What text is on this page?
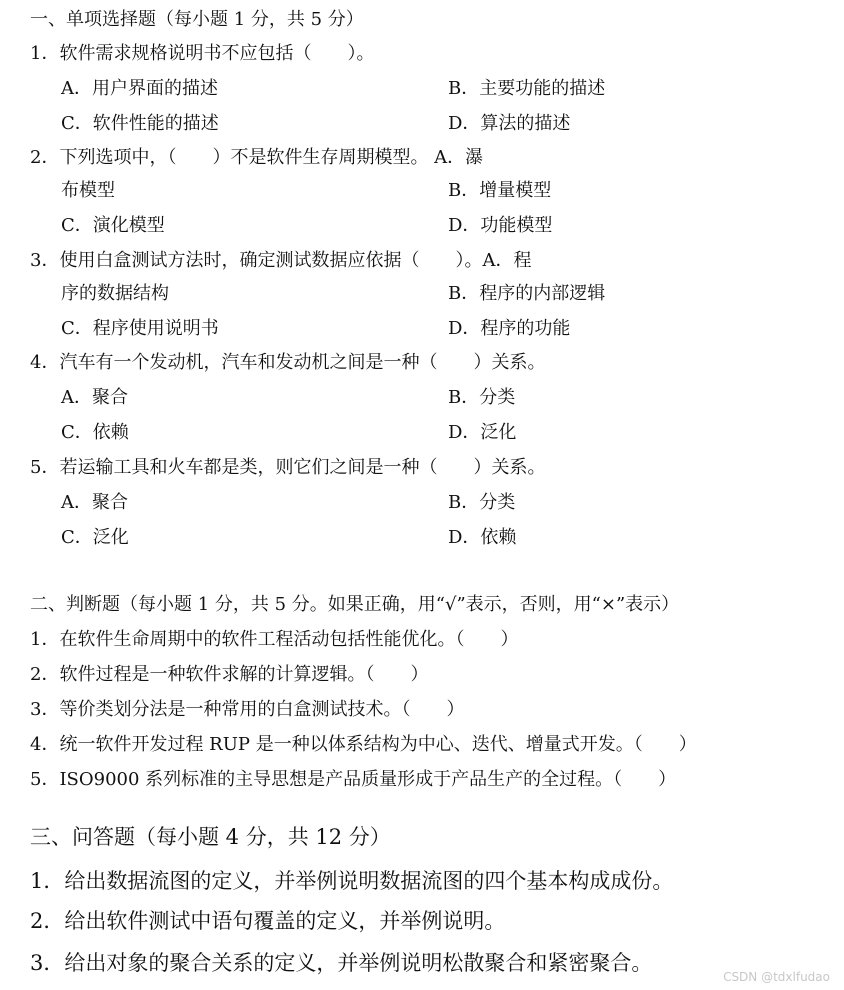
一、单项选择题（每小题 1 分，共 5 分）
1．软件需求规格说明书不应包括（　　）。
A．用户界面的描述	B．主要功能的描述
C．软件性能的描述	D．算法的描述
2．下列选项中，（　　）不是软件生存周期模型。 A．瀑
布模型	B．增量模型
C．演化模型	D．功能模型
3．使用白盒测试方法时，确定测试数据应依据（　　）。A．程
序的数据结构	B．程序的内部逻辑
C．程序使用说明书	D．程序的功能
4．汽车有一个发动机，汽车和发动机之间是一种（　　）关系。
A．聚合	B．分类
C．依赖	D．泛化
5．若运输工具和火车都是类，则它们之间是一种（　　）关系。
A．聚合	B．分类
C．泛化	D．依赖
二、判断题（每小题 1 分，共 5 分。如果正确，用“√”表示，否则，用“×”表示）
1．在软件生命周期中的软件工程活动包括性能优化。（　　）
2．软件过程是一种软件求解的计算逻辑。（　　）
3．等价类划分法是一种常用的白盒测试技术。（　　）
4．统一软件开发过程 RUP 是一种以体系结构为中心、迭代、增量式开发。（　　）
5．ISO9000 系列标准的主导思想是产品质量形成于产品生产的全过程。（　　）
三、问答题（每小题 4 分，共 12 分）
1．给出数据流图的定义，并举例说明数据流图的四个基本构成成份。
2．给出软件测试中语句覆盖的定义，并举例说明。
3．给出对象的聚合关系的定义，并举例说明松散聚合和紧密聚合。
CSDN @tdxlfudao
